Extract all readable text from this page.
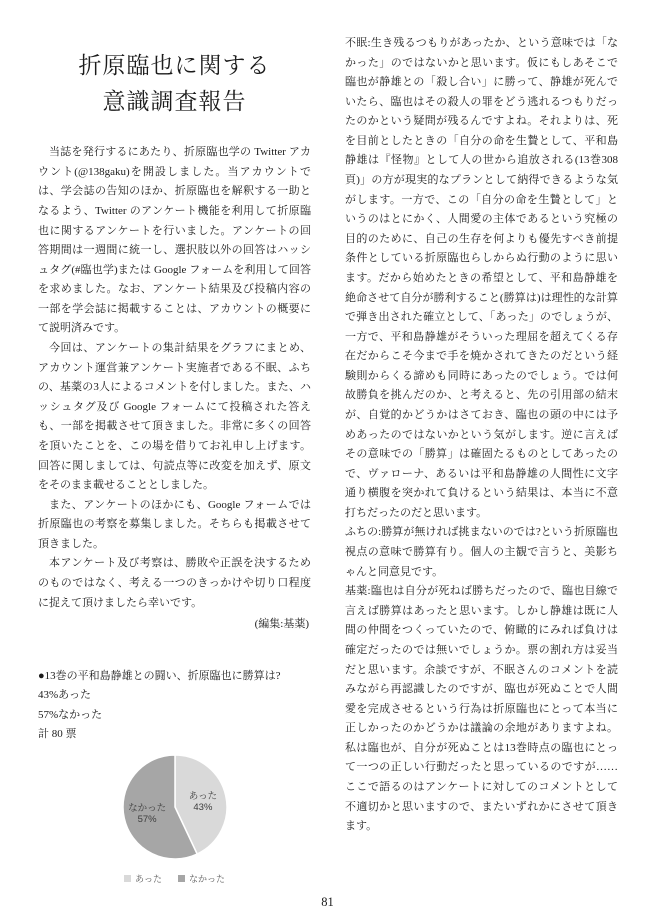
折原臨也に関する
意識調査報告

当誌を発行するにあたり、折原臨也学の Twitter アカウント(@138gaku)を開設しました。当アカウントでは、学会誌の告知のほか、折原臨也を解釈する一助となるよう、Twitter のアンケート機能を利用して折原臨也に関するアンケートを行いました。アンケートの回答期間は一週間に統一し、選択肢以外の回答はハッシュタグ(#臨也学)または Google フォームを利用して回答を求めました。なお、アンケート結果及び投稿内容の一部を学会誌に掲載することは、アカウントの概要にて説明済みです。

今回は、アンケートの集計結果をグラフにまとめ、アカウント運営兼アンケート実施者である不眠、ふちの、基薬の3人によるコメントを付しました。また、ハッシュタグ及び Google フォームにて投稿された答えも、一部を掲載させて頂きました。非常に多くの回答を頂いたことを、この場を借りてお礼申し上げます。回答に関しましては、句読点等に改変を加えず、原文をそのまま載せることとしました。

また、アンケートのほかにも、Google フォームでは折原臨也の考察を募集しました。そちらも掲載させて頂きました。

本アンケート及び考察は、勝敗や正誤を決するためのものではなく、考える一つのきっかけや切り口程度に捉えて頂けましたら幸いです。

(編集:基薬)

●13巻の平和島静雄との闘い、折原臨也に勝算は?

43%あった

57%なかった

計 80 票

あった 43%
なかった 57%
あった	なかった

不眠:生き残るつもりがあったか、という意味では「なかった」のではないかと思います。仮にもしあそこで臨也が静雄との「殺し合い」に勝って、静雄が死んでいたら、臨也はその殺人の罪をどう逃れるつもりだったのかという疑問が残るんですよね。それよりは、死を目前としたときの「自分の命を生贄として、平和島静雄は『怪物』として人の世から追放される(13巻308頁)」の方が現実的なプランとして納得できるような気がします。一方で、この「自分の命を生贄として」というのはとにかく、人間愛の主体であるという究極の目的のために、自己の生存を何よりも優先すべき前提条件としている折原臨也らしからぬ行動のように思います。だから始めたときの希望として、平和島静雄を絶命させて自分が勝利すること(勝算は)は理性的な計算で弾き出された確立として、「あった」のでしょうが、一方で、平和島静雄がそういった理屈を超えてくる存在だからこそ今まで手を焼かされてきたのだという経験則からくる諦めも同時にあったのでしょう。では何故勝負を挑んだのか、と考えると、先の引用部の結末が、自覚的かどうかはさておき、臨也の頭の中には予めあったのではないかという気がします。逆に言えばその意味での「勝算」は確固たるものとしてあったので、ヴァローナ、あるいは平和島静雄の人間性に文字通り横腹を突かれて負けるという結果は、本当に不意打ちだったのだと思います。

ふちの:勝算が無ければ挑まないのでは?という折原臨也視点の意味で勝算有り。個人の主観で言うと、美影ちゃんと同意見です。

基薬:臨也は自分が死ねば勝ちだったので、臨也目線で言えば勝算はあったと思います。しかし静雄は既に人間の仲間をつくっていたので、俯瞰的にみれば負けは確定だったのでは無いでしょうか。票の割れ方は妥当だと思います。余談ですが、不眠さんのコメントを読みながら再認識したのですが、臨也が死ぬことで人間愛を完成させるという行為は折原臨也にとって本当に正しかったのかどうかは議論の余地がありますよね。私は臨也が、自分が死ぬことは13巻時点の臨也にとって一つの正しい行動だったと思っているのですが……ここで語るのはアンケートに対してのコメントとして不適切かと思いますので、またいずれかにさせて頂きます。

81
